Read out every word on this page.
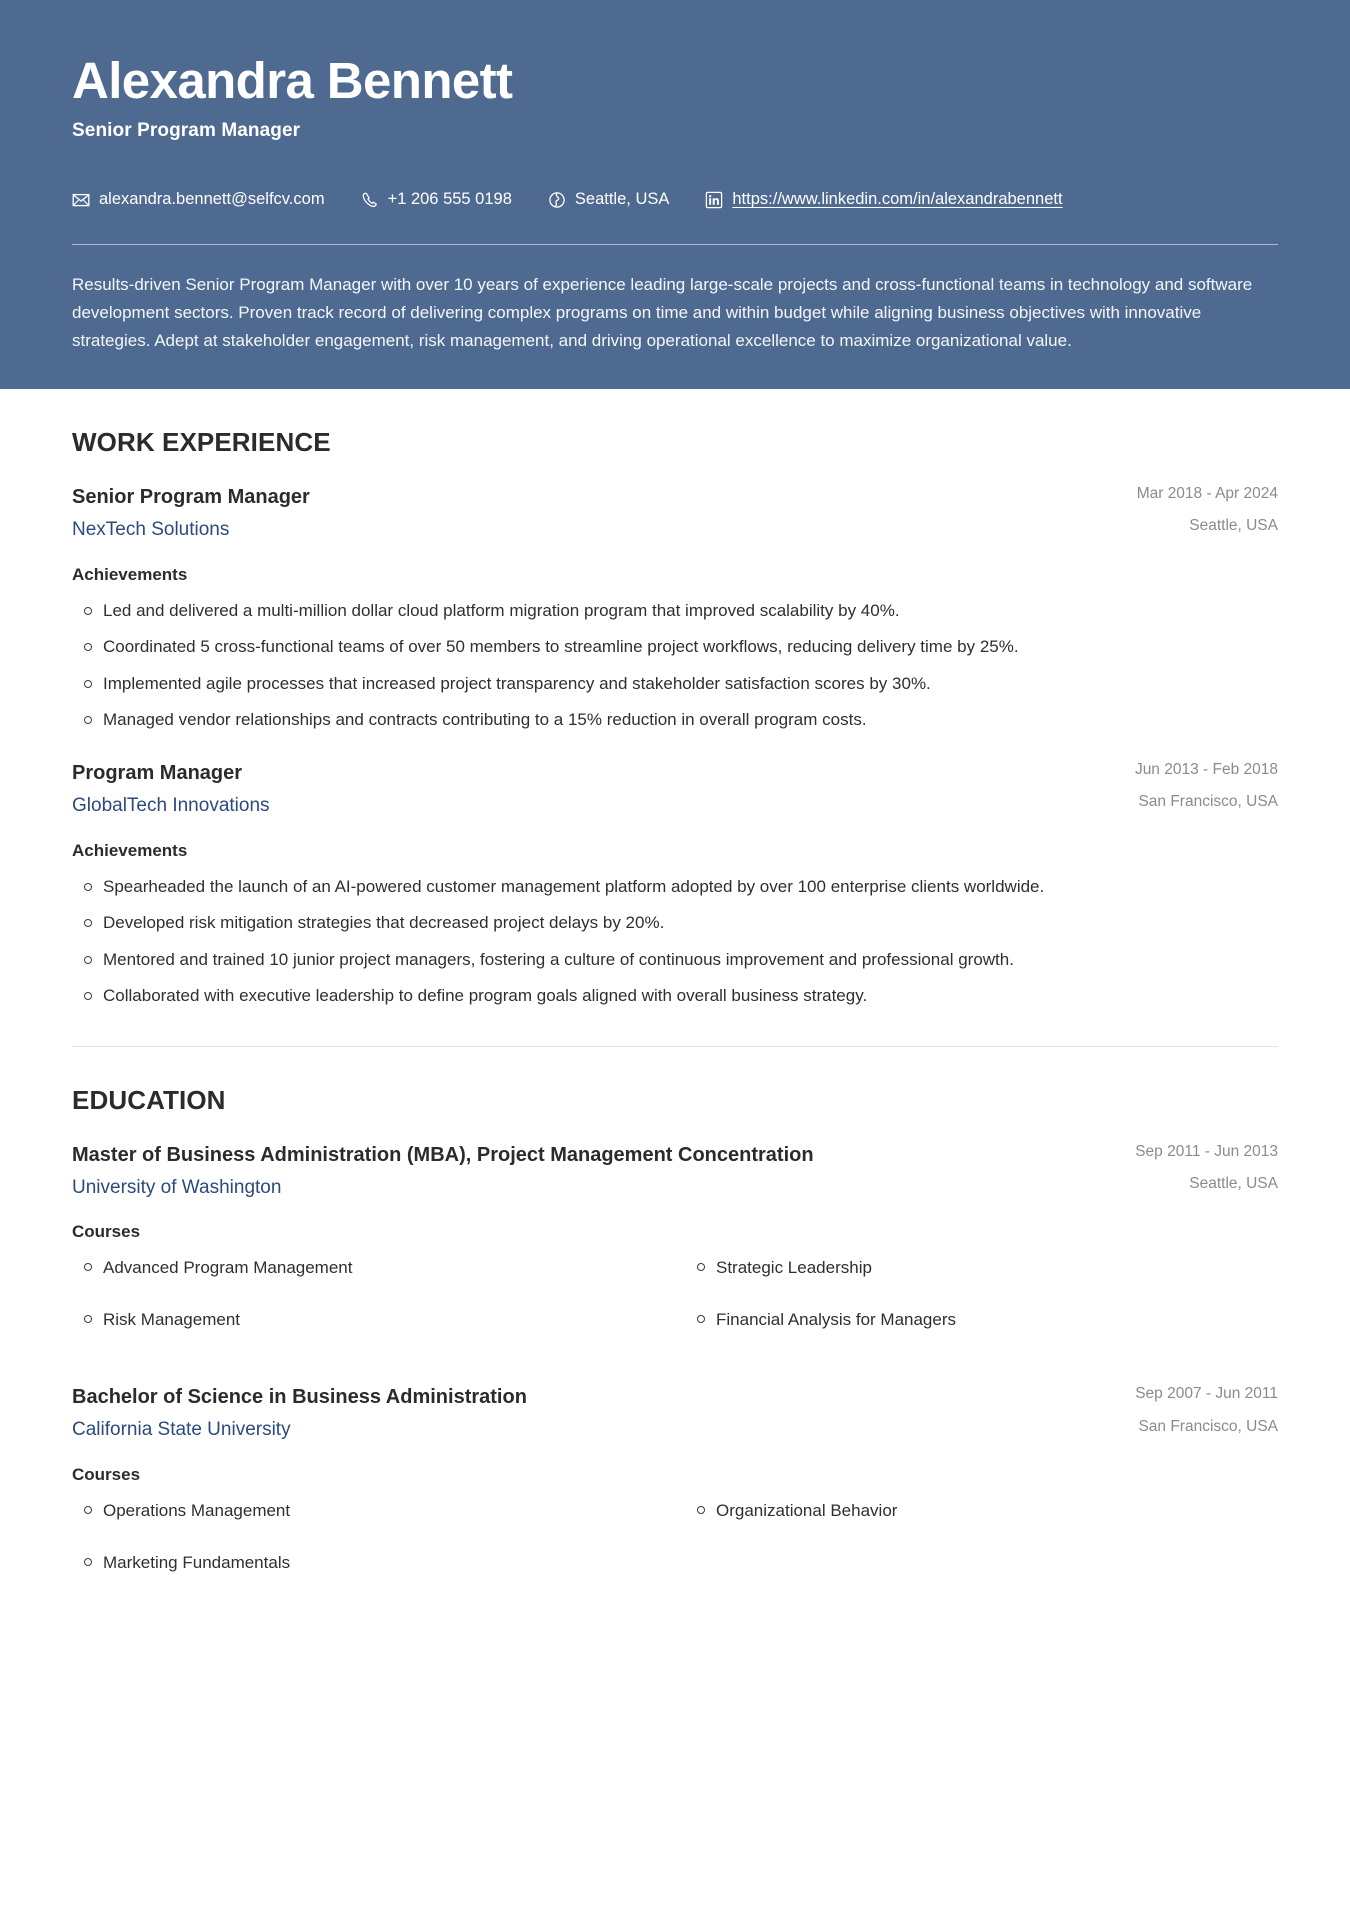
Alexandra Bennett
Senior Program Manager
alexandra.bennett@selfcv.com	+1 206 555 0198	Seattle, USA	https://www.linkedin.com/in/alexandrabennett
Results-driven Senior Program Manager with over 10 years of experience leading large-scale projects and cross-functional teams in technology and software development sectors. Proven track record of delivering complex programs on time and within budget while aligning business objectives with innovative strategies. Adept at stakeholder engagement, risk management, and driving operational excellence to maximize organizational value.
WORK EXPERIENCE
Senior Program Manager
NexTech Solutions
Mar 2018 - Apr 2024
Seattle, USA
Achievements
Led and delivered a multi-million dollar cloud platform migration program that improved scalability by 40%.
Coordinated 5 cross-functional teams of over 50 members to streamline project workflows, reducing delivery time by 25%.
Implemented agile processes that increased project transparency and stakeholder satisfaction scores by 30%.
Managed vendor relationships and contracts contributing to a 15% reduction in overall program costs.
Program Manager
GlobalTech Innovations
Jun 2013 - Feb 2018
San Francisco, USA
Achievements
Spearheaded the launch of an AI-powered customer management platform adopted by over 100 enterprise clients worldwide.
Developed risk mitigation strategies that decreased project delays by 20%.
Mentored and trained 10 junior project managers, fostering a culture of continuous improvement and professional growth.
Collaborated with executive leadership to define program goals aligned with overall business strategy.
EDUCATION
Master of Business Administration (MBA), Project Management Concentration
University of Washington
Sep 2011 - Jun 2013
Seattle, USA
Courses
Advanced Program Management	Strategic Leadership
Risk Management	Financial Analysis for Managers
Bachelor of Science in Business Administration
California State University
Sep 2007 - Jun 2011
San Francisco, USA
Courses
Operations Management	Organizational Behavior
Marketing Fundamentals
